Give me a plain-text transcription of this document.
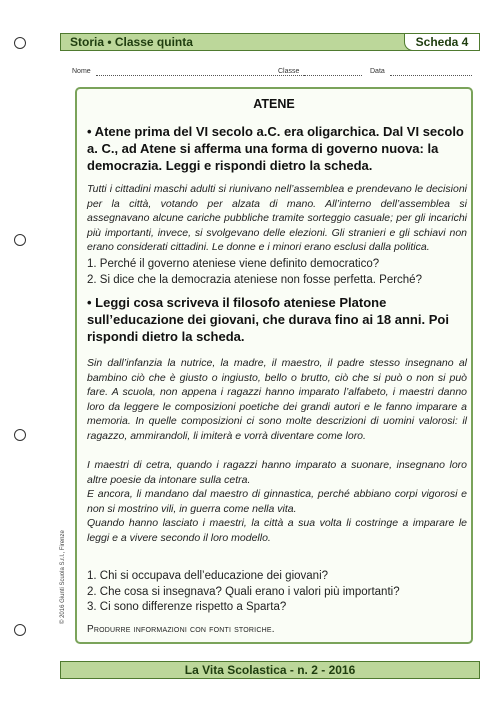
Storia • Classe quinta	Scheda 4
Nome	Classe	Data
ATENE
• Atene prima del VI secolo a.C. era oligarchica. Dal VI secolo a. C., ad Atene si afferma una forma di governo nuova: la democrazia. Leggi e rispondi dietro la scheda.
Tutti i cittadini maschi adulti si riunivano nell’assemblea e prendevano le decisioni per la città, votando per alzata di mano. All’interno dell’assemblea si assegnavano alcune cariche pubbliche tramite sorteggio casuale; per gli incarichi più importanti, invece, si svolgevano delle elezioni. Gli stranieri e gli schiavi non erano considerati cittadini. Le donne e i minori erano esclusi dalla politica.
1. Perché il governo ateniese viene definito democratico?
2. Si dice che la democrazia ateniese non fosse perfetta. Perché?
• Leggi cosa scriveva il filosofo ateniese Platone sull’educazione dei giovani, che durava fino ai 18 anni. Poi rispondi dietro la scheda.
Sin dall’infanzia la nutrice, la madre, il maestro, il padre stesso insegnano al bambino ciò che è giusto o ingiusto, bello o brutto, ciò che si può o non si può fare. A scuola, non appena i ragazzi hanno imparato l’alfabeto, i maestri danno loro da leggere le composizioni poetiche dei grandi autori e le fanno imparare a memoria. In quelle composizioni ci sono molte descrizioni di uomini valorosi: il ragazzo, ammirandoli, li imiterà e vorrà diventare come loro.
I maestri di cetra, quando i ragazzi hanno imparato a suonare, insegnano loro altre poesie da intonare sulla cetra.
E ancora, li mandano dal maestro di ginnastica, perché abbiano corpi vigorosi e non si mostrino vili, in guerra come nella vita.
Quando hanno lasciato i maestri, la città a sua volta li costringe a imparare le leggi e a vivere secondo il loro modello.
1. Chi si occupava dell’educazione dei giovani?
2. Che cosa si insegnava? Quali erano i valori più importanti?
3. Ci sono differenze rispetto a Sparta?
Produrre informazioni con fonti storiche.
© 2016 Giunti Scuola S.r.l., Firenze
La Vita Scolastica - n. 2 - 2016
